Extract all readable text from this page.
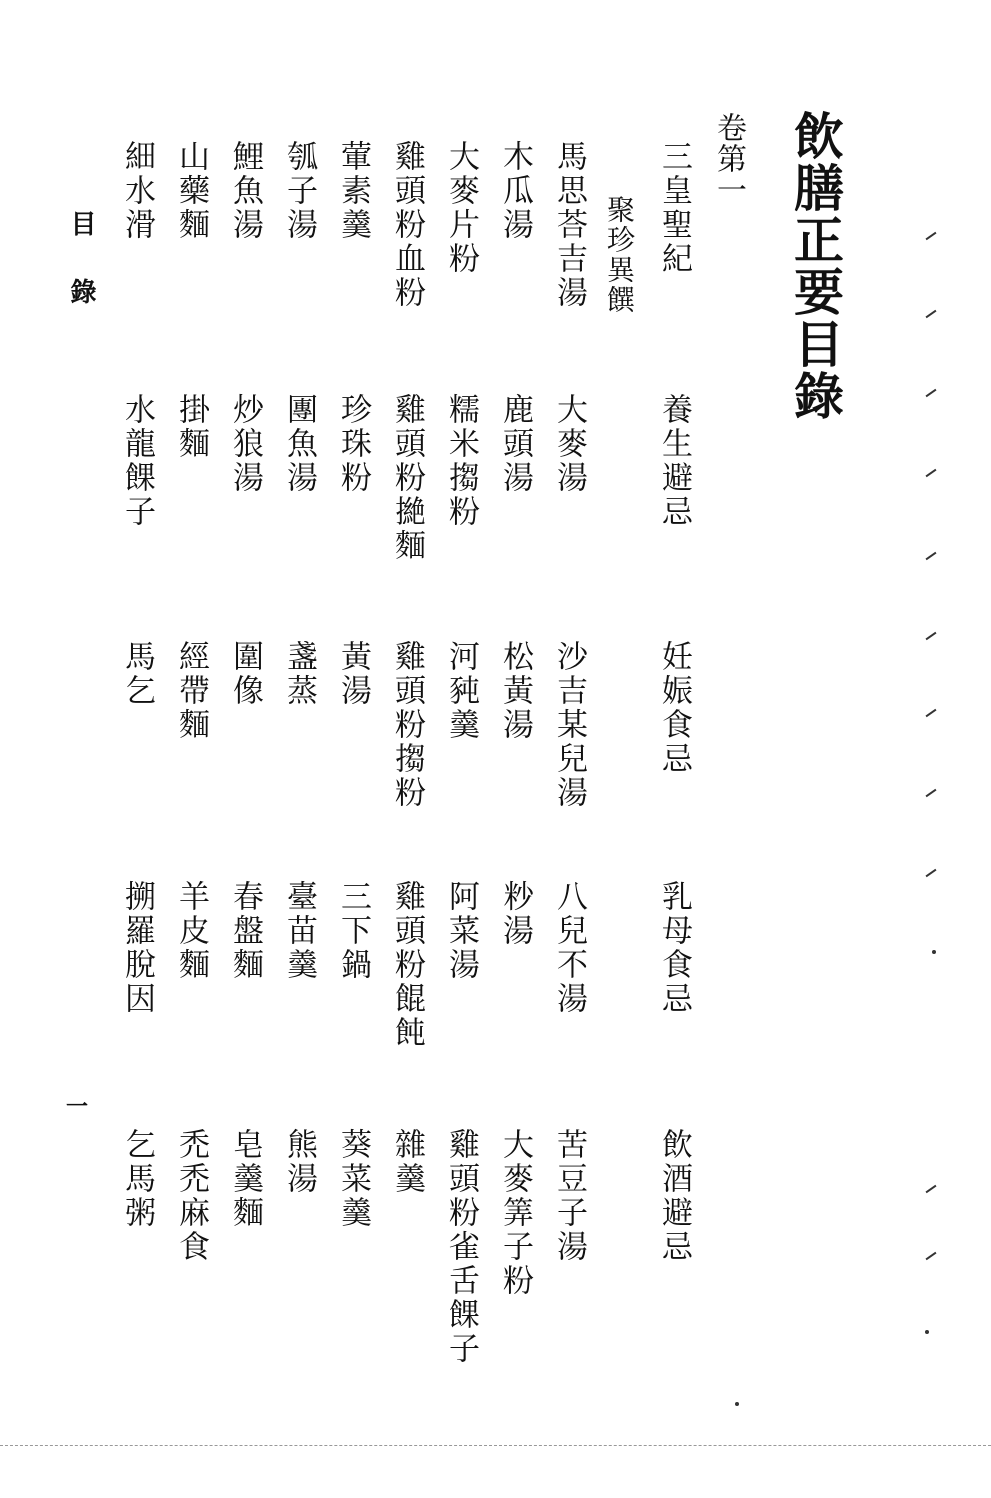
飲膳正要目錄
卷第一
聚珍異饌 三皇聖紀
養生避忌
妊娠食忌
乳母食忌
飲酒避忌
馬思荅吉湯
大麥湯
沙吉某兒湯
八兒不湯
苦豆子湯
木瓜湯
鹿頭湯
松黃湯
粆湯
大麥筭子粉
大麥片粉
糯米搊粉
河豘羹
阿菜湯
雞頭粉雀舌餜子
雞頭粉血粉
雞頭粉撧麵
雞頭粉搊粉
雞頭粉餛飩
雜羹
葷素羹
珍珠粉
黃湯
三下鍋
葵菜羹
瓠子湯
團魚湯
盞蒸
臺苗羹
熊湯
鯉魚湯
炒狼湯
圍像
春盤麵
皂羹麵
山藥麵
掛麵
經帶麵
羊皮麵
禿禿麻食
細水滑
水龍餜子
馬乞
搠羅脫因
乞馬粥
目錄
一
